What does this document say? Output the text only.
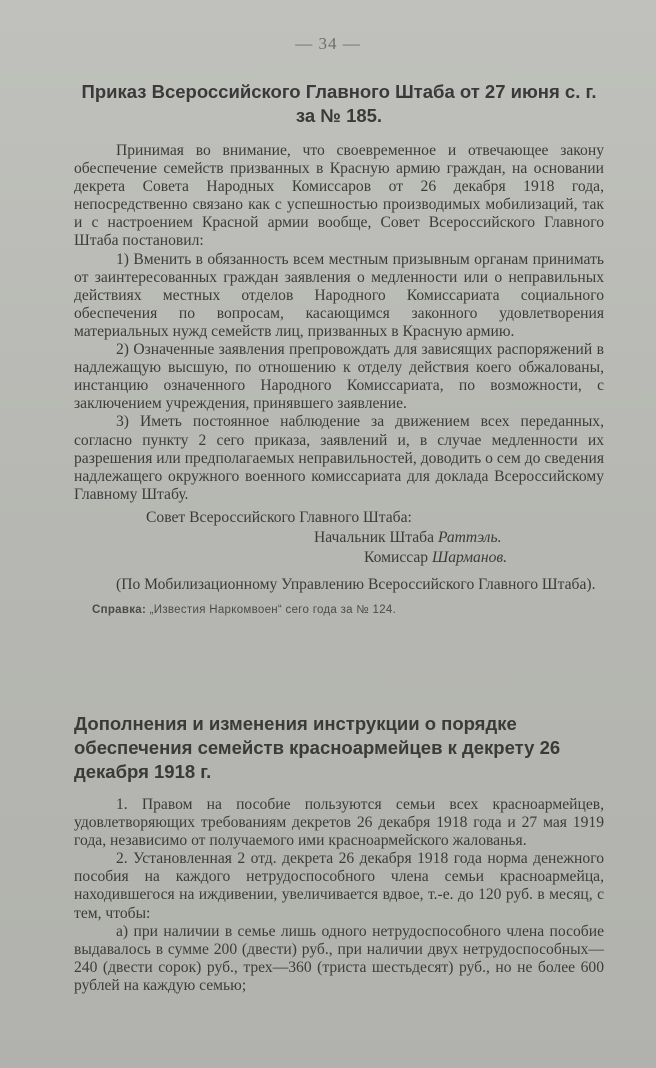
— 34 —
Приказ Всероссийского Главного Штаба от 27 июня с. г.
за № 185.

Принимая во внимание, что своевременное и отвечающее закону обеспечение семейств призванных в Красную армию граждан, на основании декрета Совета Народных Комиссаров от 26 декабря 1918 года, непосредственно связано как с успешностью производимых мобилизаций, так и с настроением Красной армии вообще, Совет Всероссийского Главного Штаба постановил:

1) Вменить в обязанность всем местным призывным органам принимать от заинтересованных граждан заявления о медленности или о неправильных действиях местных отделов Народного Комиссариата социального обеспечения по вопросам, касающимся законного удовлетворения материальных нужд семейств лиц, призванных в Красную армию.

2) Означенные заявления препровождать для зависящих распоряжений в надлежащую высшую, по отношению к отделу действия коего обжалованы, инстанцию означенного Народного Комиссариата, по возможности, с заключением учреждения, принявшего заявление.

3) Иметь постоянное наблюдение за движением всех переданных, согласно пункту 2 сего приказа, заявлений и, в случае медленности их разрешения или предполагаемых неправильностей, доводить о сем до сведения надлежащего окружного военного комиссариата для доклада Всероссийскому Главному Штабу.

Совет Всероссийского Главного Штаба:
Начальник Штаба Раттэль.
Комиссар Шарманов.

(По Мобилизационному Управлению Всероссийского Главного Штаба).

Справка: „Известия Наркомвоен“ сего года за № 124.
Дополнения и изменения инструкции о порядке обеспечения семейств красноармейцев к декрету 26 декабря 1918 г.

1. Правом на пособие пользуются семьи всех красноармейцев, удовлетворяющих требованиям декретов 26 декабря 1918 года и 27 мая 1919 года, независимо от получаемого ими красноармейского жалованья.

2. Установленная 2 отд. декрета 26 декабря 1918 года норма денежного пособия на каждого нетрудоспособного члена семьи красноармейца, находившегося на иждивении, увеличивается вдвое, т.-е. до 120 руб. в месяц, с тем, чтобы:

а) при наличии в семье лишь одного нетрудоспособного члена пособие выдавалось в сумме 200 (двести) руб., при наличии двух нетрудоспособных—240 (двести сорок) руб., трех—360 (триста шестьдесят) руб., но не более 600 рублей на каждую семью;
